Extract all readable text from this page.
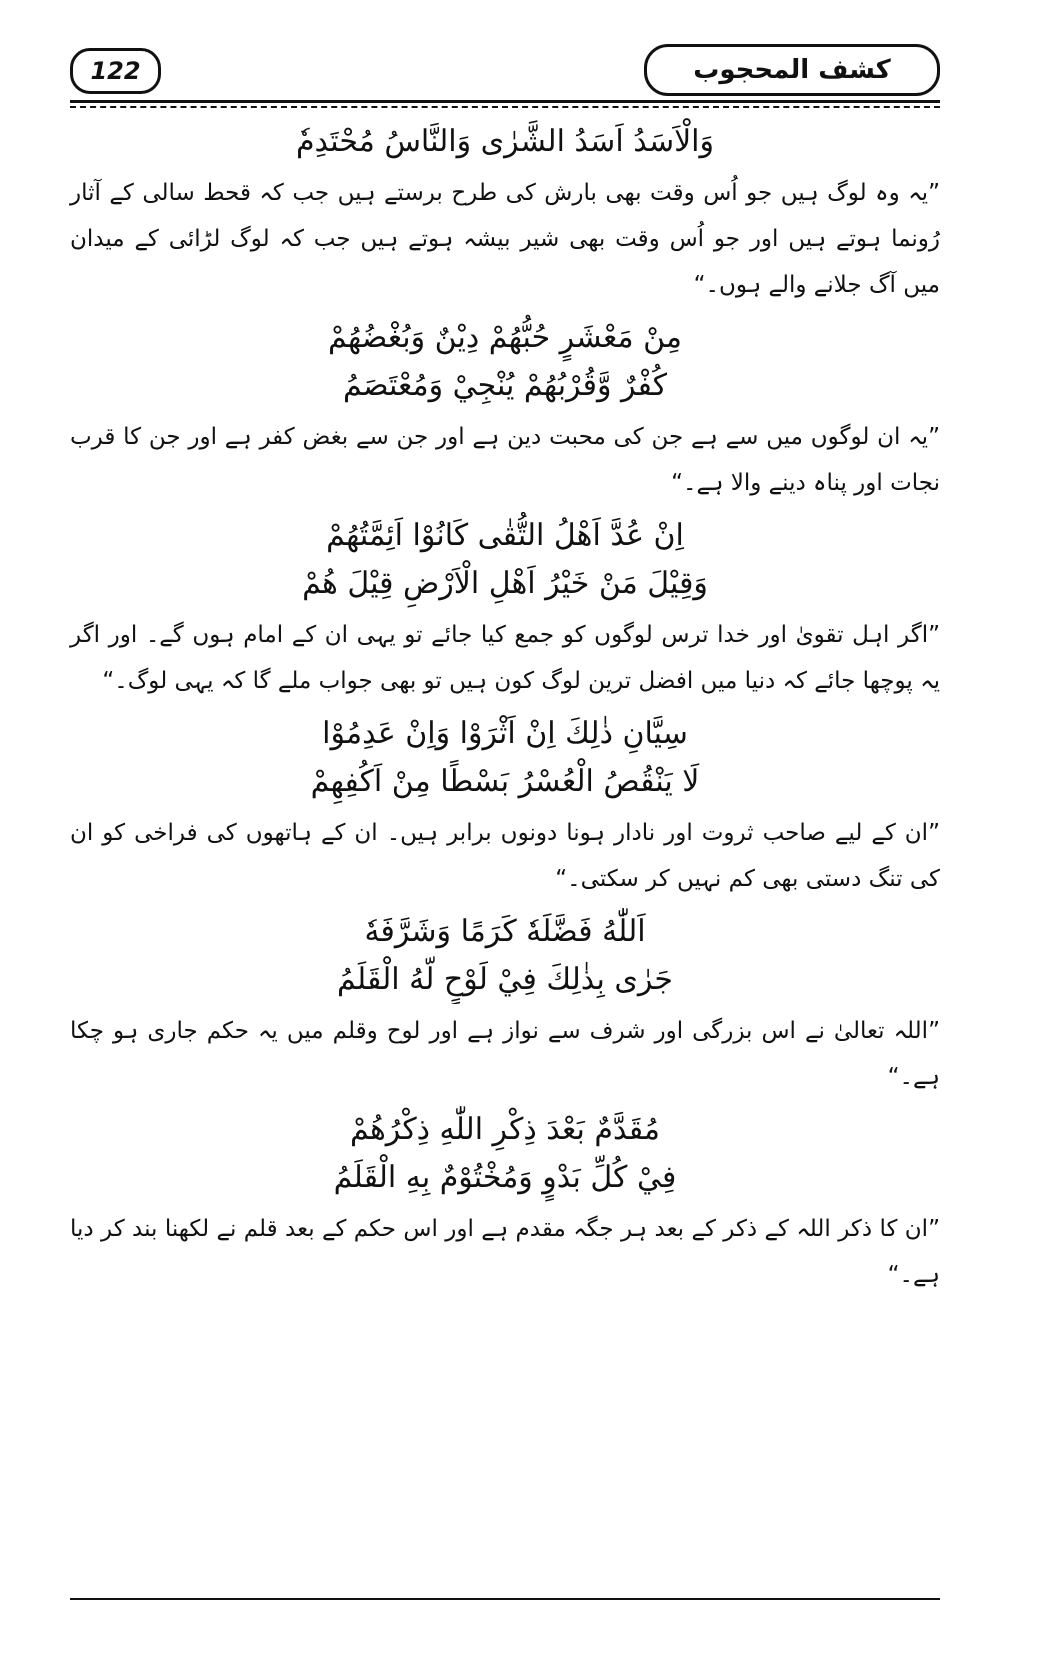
122	کشف المحجوب
وَالْاَسَدُ اَسَدُ الشَّرٰی وَالنَّاسُ مُحْتَدِمٗ
”یہ وہ لوگ ہیں جو اُس وقت بھی بارش کی طرح برستے ہیں جب کہ قحط سالی کے آثار رُونما ہوتے ہیں اور جو اُس وقت بھی شیر بیشہ ہوتے ہیں جب کہ لوگ لڑائی کے میدان میں آگ جلانے والے ہوں۔“
مِنْ مَعْشَرٍ حُبُّهُمْ دِيْنٌ وَبُغْضُهُمْ
كُفْرٌ وَّقُرْبُهُمْ يُنْجِيْ وَمُعْتَصَمُ
”یہ ان لوگوں میں سے ہے جن کی محبت دین ہے اور جن سے بغض کفر ہے اور جن کا قرب نجات اور پناہ دینے والا ہے۔“
اِنْ عُدَّ اَهْلُ التُّقٰى كَانُوْا اَئِمَّتُهُمْ
وَقِيْلَ مَنْ خَيْرُ اَهْلِ الْاَرْضِ قِيْلَ هُمْ
”اگر اہل تقویٰ اور خدا ترس لوگوں کو جمع کیا جائے تو یہی ان کے امام ہوں گے۔ اور اگر یہ پوچھا جائے کہ دنیا میں افضل ترین لوگ کون ہیں تو بھی جواب ملے گا کہ یہی لوگ۔“
سِيَّانِ ذٰلِكَ اِنْ اَثْرَوْا وَاِنْ عَدِمُوْا
لَا يَنْقُصُ الْعُسْرُ بَسْطًا مِنْ اَكُفِهِمْ
”ان کے لیے صاحب ثروت اور نادار ہونا دونوں برابر ہیں۔ ان کے ہاتھوں کی فراخی کو ان کی تنگ دستی بھی کم نہیں کر سکتی۔“
اَللّٰهُ فَضَّلَهٗ كَرَمًا وَشَرَّفَهٗ
جَرٰى بِذٰلِكَ فِيْ لَوْحٍ لَّهُ الْقَلَمُ
”اللہ تعالیٰ نے اس بزرگی اور شرف سے نواز ہے اور لوح وقلم میں یہ حکم جاری ہو چکا ہے۔“
مُقَدَّمٌ بَعْدَ ذِكْرِ اللّٰهِ ذِكْرُهُمْ
فِيْ كُلِّ بَدْوٍ وَمُخْتُوْمٌ بِهِ الْقَلَمُ
”ان کا ذکر اللہ کے ذکر کے بعد ہر جگہ مقدم ہے اور اس حکم کے بعد قلم نے لکھنا بند کر دیا ہے۔“
